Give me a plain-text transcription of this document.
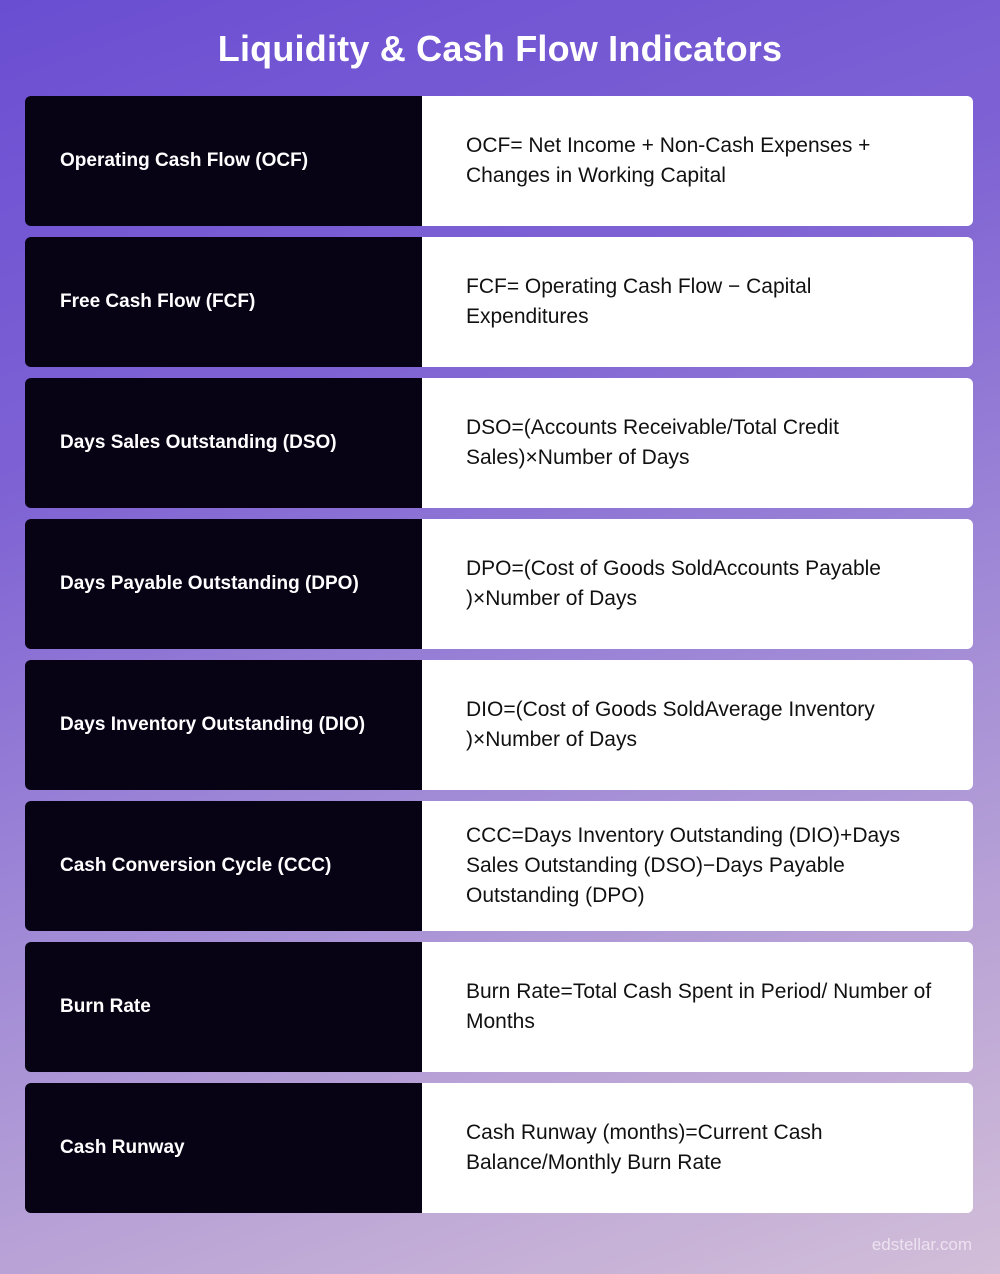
Liquidity & Cash Flow Indicators
Operating Cash Flow (OCF)
OCF= Net Income + Non-Cash Expenses + Changes in Working Capital
Free Cash Flow (FCF)
FCF= Operating Cash Flow − Capital Expenditures
Days Sales Outstanding (DSO)
DSO=(Accounts Receivable/Total Credit Sales)×Number of Days
Days Payable Outstanding (DPO)
DPO=(Cost of Goods SoldAccounts Payable )×Number of Days
Days Inventory Outstanding (DIO)
DIO=(Cost of Goods SoldAverage Inventory )×Number of Days
Cash Conversion Cycle (CCC)
CCC=Days Inventory Outstanding (DIO)+Days Sales Outstanding (DSO)−Days Payable Outstanding (DPO)
Burn Rate
Burn Rate=Total Cash Spent in Period/ Number of Months
Cash Runway
Cash Runway (months)=Current Cash Balance/Monthly Burn Rate
edstellar.com
